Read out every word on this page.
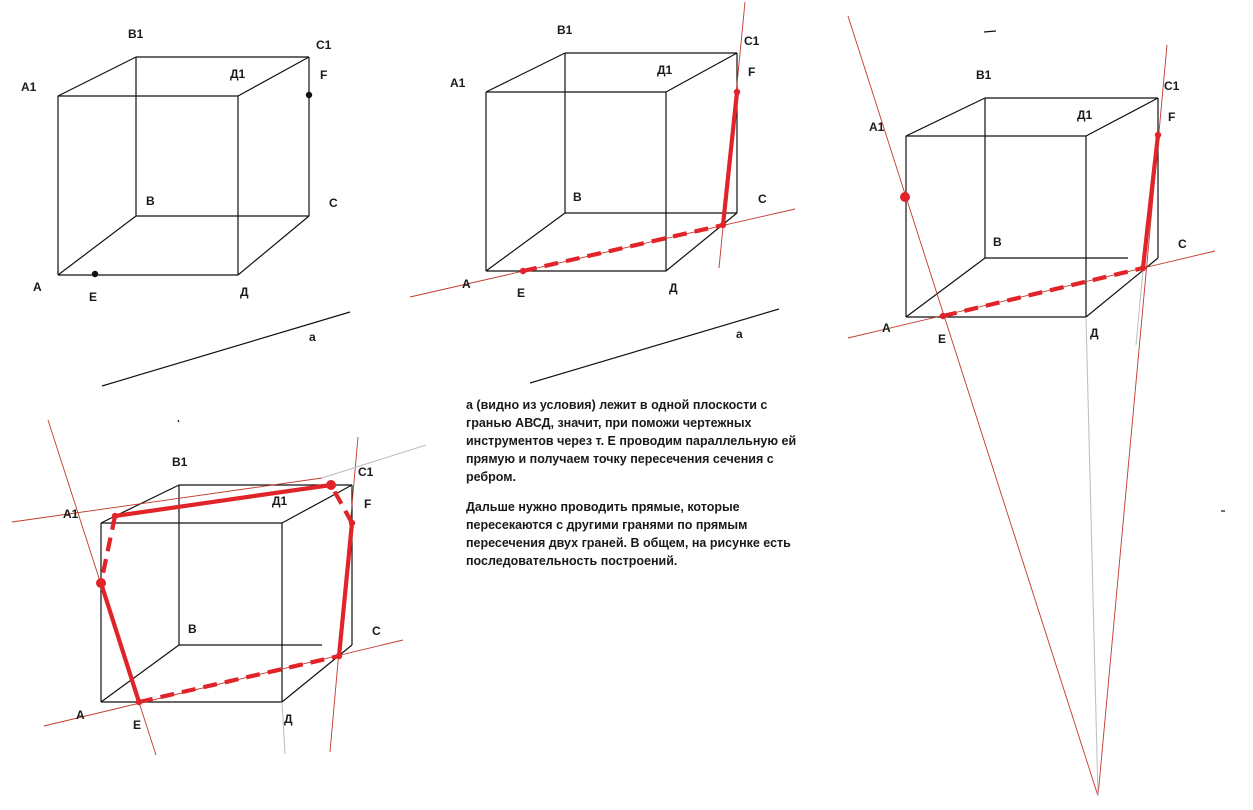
A1
B1
C1
Д1	F
B	C
A
E	Д
a
A1
B1
C1
Д1	F
B	C
А
E	Д
a
A1
B1
C1
Д1	F
B	C
А
E	Д
A1
B1
C1
Д1	F
B	C
А
E	Д

а (видно из условия) лежит в одной плоскости с гранью АВСД, значит, при поможи чертежных инструментов через т. Е проводим параллельную ей прямую и получаем точку пересечения сечения с ребром.

Дальше нужно проводить прямые, которые пересекаются с другими гранями по прямым пересечения двух граней. В общем, на рисунке есть последовательность построений.
